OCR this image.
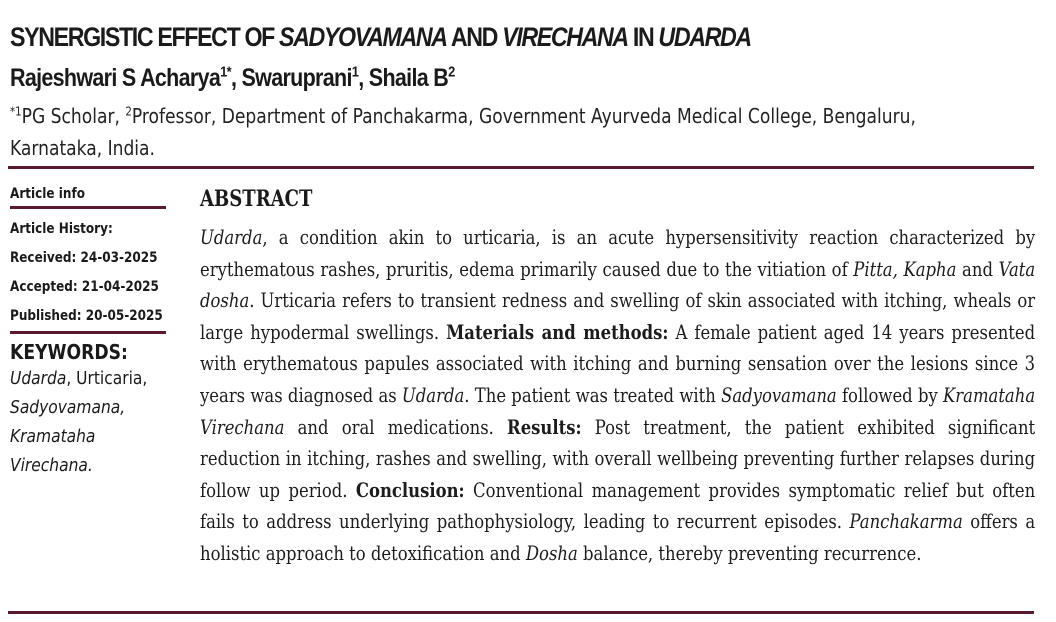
SYNERGISTIC EFFECT OF SADYOVAMANA AND VIRECHANA IN UDARDA

Rajeshwari S Acharya$^{1*}$, Swaruprani$^1$, Shaila $B^2$

$^{*1}$PG Scholar, $^2$Professor, Department of Panchakarma, Government Ayurveda Medical College, Bengaluru, Karnataka, India.

Article info
Article History:
Received: 24-03-2025
Accepted: 21-04-2025
Published: 20-05-2025
KEYWORDS:
Udarda, Urticaria,
Sadyovamana,
Kramataha Virechana.
ABSTRACT
Udarda, a condition akin to urticaria, is an acute hypersensitivity reaction characterized by erythematous rashes, pruritis, edema primarily caused due to the vitiation of Pitta, Kapha and Vata dosha. Urticaria refers to transient redness and swelling of skin associated with itching, wheals or large hypodermal swellings. Materials and methods: A female patient aged 14 years presented with erythematous papules associated with itching and burning sensation over the lesions since 3 years was diagnosed as Udarda. The patient was treated with Sadyovamana followed by Kramataha Virechana and oral medications. Results: Post treatment, the patient exhibited significant reduction in itching, rashes and swelling, with overall wellbeing preventing further relapses during follow up period. Conclusion: Conventional management provides symptomatic relief but often fails to address underlying pathophysiology, leading to recurrent episodes. Panchakarma offers a holistic approach to detoxification and Dosha balance, thereby preventing recurrence.
